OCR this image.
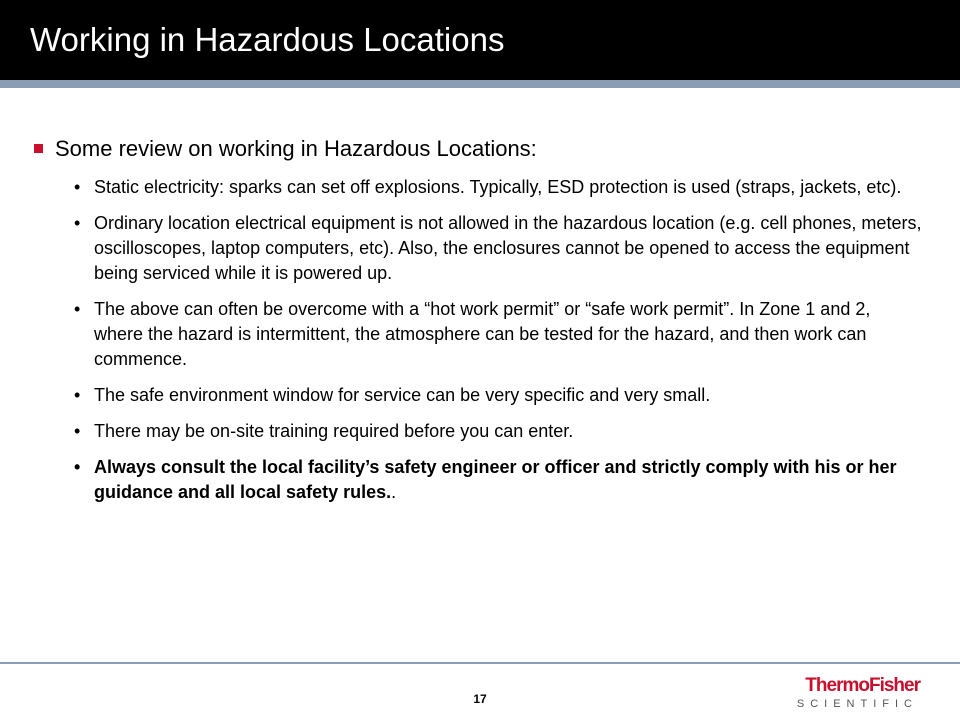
Working in Hazardous Locations
Some review on working in Hazardous Locations:
• Static electricity: sparks can set off explosions. Typically, ESD protection is used (straps, jackets, etc).
• Ordinary location electrical equipment is not allowed in the hazardous location (e.g. cell phones, meters, oscilloscopes, laptop computers, etc). Also, the enclosures cannot be opened to access the equipment being serviced while it is powered up.
• The above can often be overcome with a “hot work permit” or “safe work permit”. In Zone 1 and 2, where the hazard is intermittent, the atmosphere can be tested for the hazard, and then work can commence.
• The safe environment window for service can be very specific and very small.
• There may be on-site training required before you can enter.
• Always consult the local facility’s safety engineer or officer and strictly comply with his or her guidance and all local safety rules..
17
ThermoFisher
SCIENTIFIC
